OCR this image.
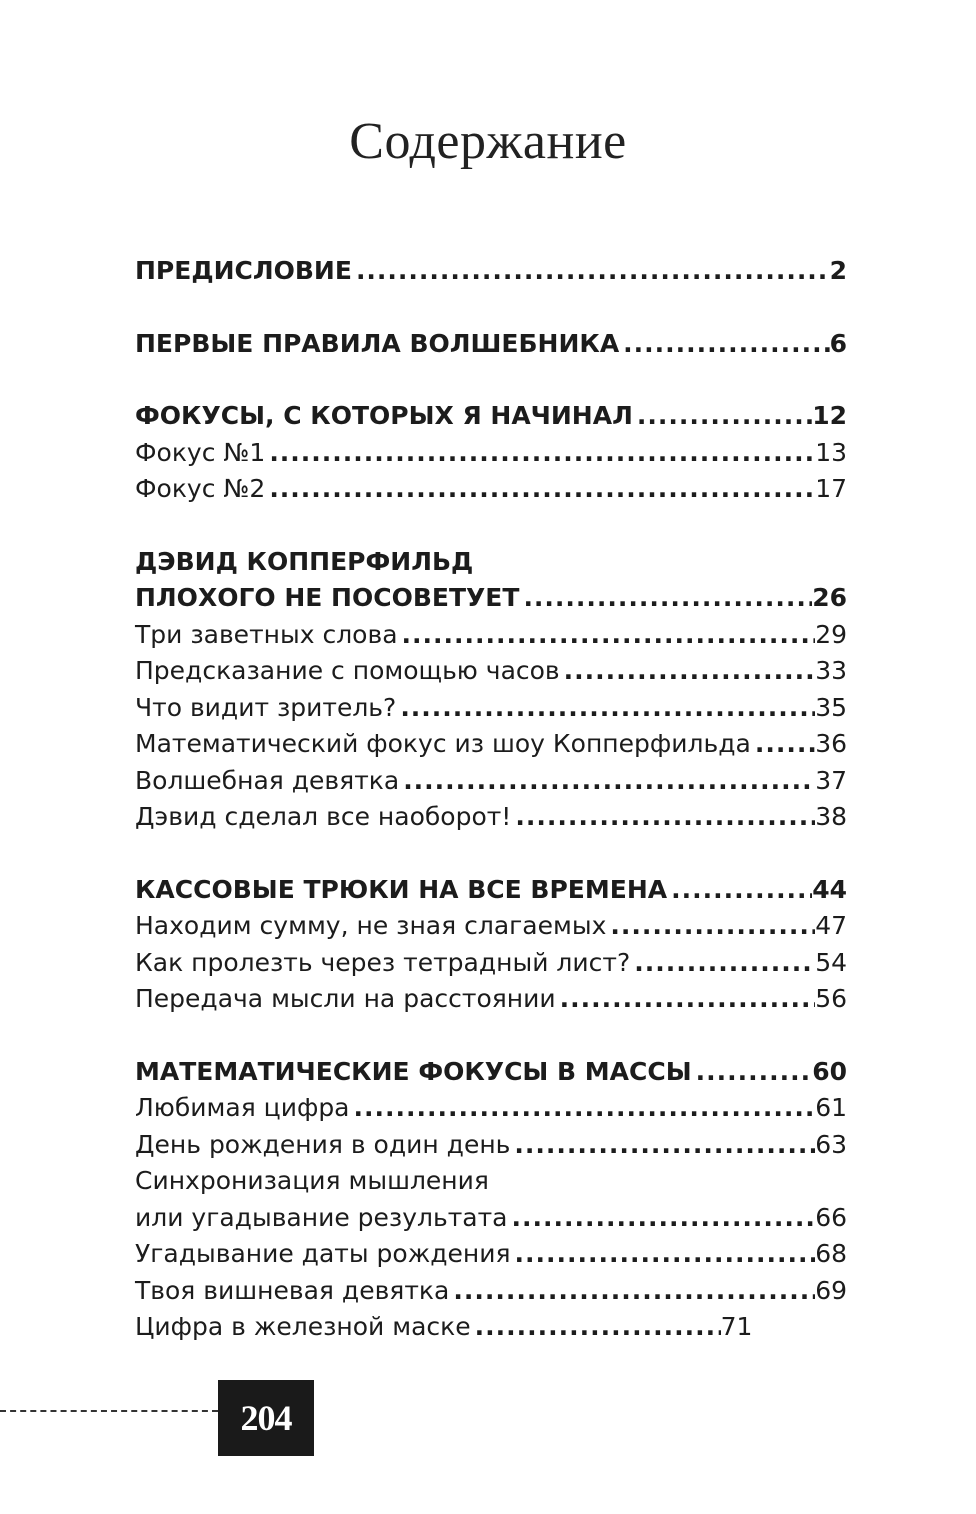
Содержание
ПРЕДИСЛОВИЕ .....	2
ПЕРВЫЕ ПРАВИЛА ВОЛШЕБНИКА .....	6
ФОКУСЫ, С КОТОРЫХ Я НАЧИНАЛ .....	12
Фокус №1 .....	13
Фокус №2 .....	17
ДЭВИД КОППЕРФИЛЬД
ПЛОХОГО НЕ ПОСОВЕТУЕТ .....	26
Три заветных слова .....	29
Предсказание с помощью часов .....	33
Что видит зритель? .....	35
Математический фокус из шоу Копперфильда .....	36
Волшебная девятка .....	37
Дэвид сделал все наоборот! .....	38
КАССОВЫЕ ТРЮКИ НА ВСЕ ВРЕМЕНА .....	44
Находим сумму, не зная слагаемых .....	47
Как пролезть через тетрадный лист? .....	54
Передача мысли на расстоянии .....	56
МАТЕМАТИЧЕСКИЕ ФОКУСЫ В МАССЫ .....	60
Любимая цифра .....	61
День рождения в один день .....	63
Синхронизация мышления
или угадывание результата .....	66
Угадывание даты рождения .....	68
Твоя вишневая девятка .....	69
Цифра в железной маске .....	71
204
